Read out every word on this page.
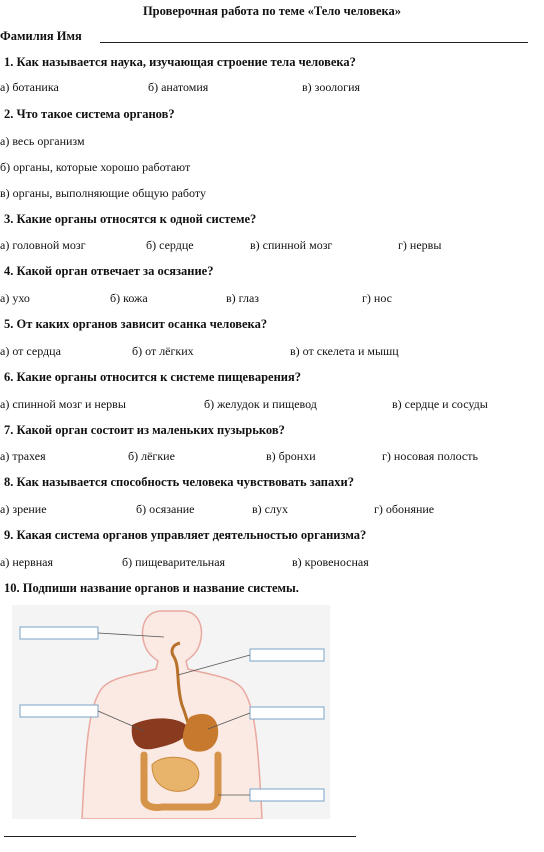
Проверочная работа по теме «Тело человека»
Фамилия Имя
1. Как называется наука, изучающая строение тела человека?
а) ботаника	б) анатомия	в) зоология
2. Что такое система органов?
а) весь организм
б) органы, которые хорошо работают
в) органы, выполняющие общую работу
3. Какие органы относятся к одной системе?
а) головной мозг	б) сердце	в) спинной мозг	г) нервы
4. Какой орган отвечает за осязание?
а) ухо	б) кожа	в) глаз	г) нос
5. От каких органов зависит осанка человека?
а) от сердца	б) от лёгких	в) от скелета и мышц
6. Какие органы относится к системе пищеварения?
а) спинной мозг и нервы	б) желудок и пищевод	в) сердце и сосуды
7. Какой орган состоит из маленьких пузырьков?
а) трахея	б) лёгкие	в) бронхи	г) носовая полость
8. Как называется способность человека чувствовать запахи?
а) зрение	б) осязание	в) слух	г) обоняние
9. Какая система органов управляет деятельностью организма?
а) нервная	б) пищеварительная	в) кровеносная
10. Подпиши название органов и название системы.
